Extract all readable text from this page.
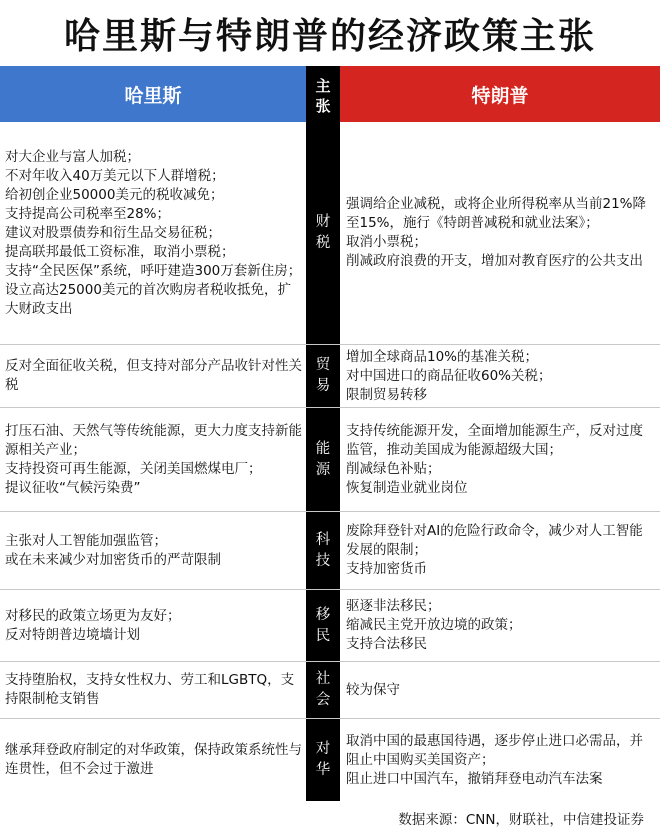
哈里斯与特朗普的经济政策主张
哈里斯	主张	特朗普
对大企业与富人加税；
不对年收入40万美元以下人群增税；
给初创企业50000美元的税收减免；
支持提高公司税率至28%；
建议对股票债券和衍生品交易征税；
提高联邦最低工资标准，取消小票税；
支持“全民医保”系统，呼吁建造300万套新住房；
设立高达25000美元的首次购房者税收抵免，扩大财政支出
财税
强调给企业减税，或将企业所得税率从当前21%降至15%，施行《特朗普减税和就业法案》；
取消小票税；
削减政府浪费的开支，增加对教育医疗的公共支出
反对全面征收关税，但支持对部分产品收针对性关税
贸易
增加全球商品10%的基准关税；
对中国进口的商品征收60%关税；
限制贸易转移
打压石油、天然气等传统能源，更大力度支持新能源相关产业；
支持投资可再生能源，关闭美国燃煤电厂；
提议征收“气候污染费”
能源
支持传统能源开发，全面增加能源生产，反对过度监管，推动美国成为能源超级大国；
削减绿色补贴；
恢复制造业就业岗位
主张对人工智能加强监管；
或在未来减少对加密货币的严苛限制
科技
废除拜登针对AI的危险行政命令，减少对人工智能发展的限制；
支持加密货币
对移民的政策立场更为友好；
反对特朗普边境墙计划
移民
驱逐非法移民；
缩减民主党开放边境的政策；
支持合法移民
支持堕胎权，支持女性权力、劳工和LGBTQ，支持限制枪支销售
社会
较为保守
继承拜登政府制定的对华政策，保持政策系统性与连贯性，但不会过于激进
对华
取消中国的最惠国待遇，逐步停止进口必需品，并阻止中国购买美国资产；
阻止进口中国汽车，撤销拜登电动汽车法案
数据来源：CNN，财联社，中信建投证券
